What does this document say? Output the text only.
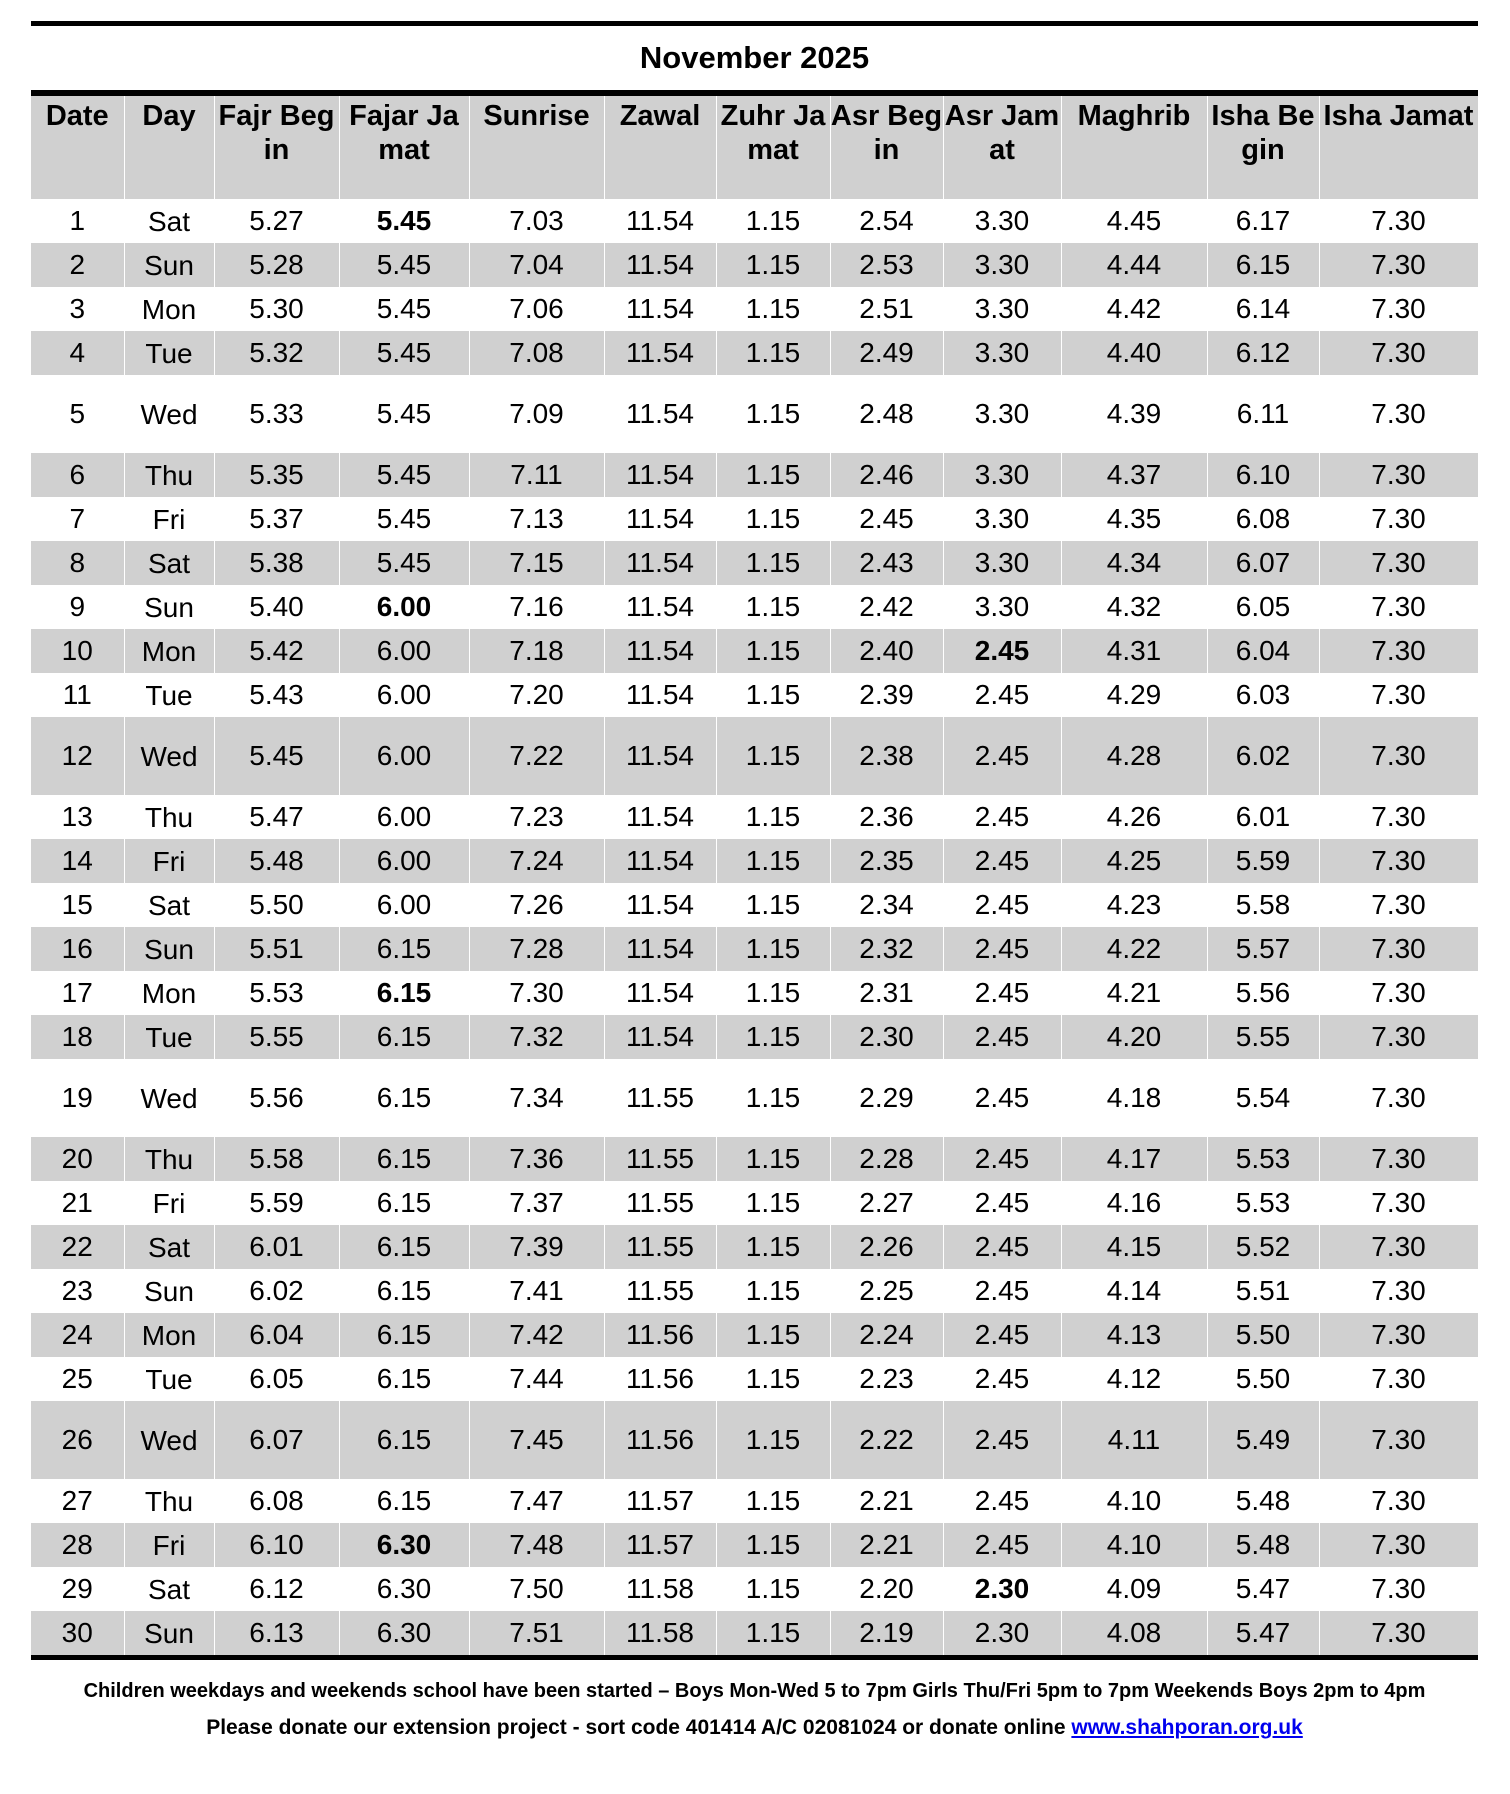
November 2025
Date	Day	Fajr Begin	Fajar Jamat	Sunrise	Zawal	Zuhr Jamat	Asr Begin	Asr Jamat	Maghrib	Isha Begin	Isha Jamat
1	Sat	5.27	5.45	7.03	11.54	1.15	2.54	3.30	4.45	6.17	7.30
2	Sun	5.28	5.45	7.04	11.54	1.15	2.53	3.30	4.44	6.15	7.30
3	Mon	5.30	5.45	7.06	11.54	1.15	2.51	3.30	4.42	6.14	7.30
4	Tue	5.32	5.45	7.08	11.54	1.15	2.49	3.30	4.40	6.12	7.30
5	Wed	5.33	5.45	7.09	11.54	1.15	2.48	3.30	4.39	6.11	7.30
6	Thu	5.35	5.45	7.11	11.54	1.15	2.46	3.30	4.37	6.10	7.30
7	Fri	5.37	5.45	7.13	11.54	1.15	2.45	3.30	4.35	6.08	7.30
8	Sat	5.38	5.45	7.15	11.54	1.15	2.43	3.30	4.34	6.07	7.30
9	Sun	5.40	6.00	7.16	11.54	1.15	2.42	3.30	4.32	6.05	7.30
10	Mon	5.42	6.00	7.18	11.54	1.15	2.40	2.45	4.31	6.04	7.30
11	Tue	5.43	6.00	7.20	11.54	1.15	2.39	2.45	4.29	6.03	7.30
12	Wed	5.45	6.00	7.22	11.54	1.15	2.38	2.45	4.28	6.02	7.30
13	Thu	5.47	6.00	7.23	11.54	1.15	2.36	2.45	4.26	6.01	7.30
14	Fri	5.48	6.00	7.24	11.54	1.15	2.35	2.45	4.25	5.59	7.30
15	Sat	5.50	6.00	7.26	11.54	1.15	2.34	2.45	4.23	5.58	7.30
16	Sun	5.51	6.15	7.28	11.54	1.15	2.32	2.45	4.22	5.57	7.30
17	Mon	5.53	6.15	7.30	11.54	1.15	2.31	2.45	4.21	5.56	7.30
18	Tue	5.55	6.15	7.32	11.54	1.15	2.30	2.45	4.20	5.55	7.30
19	Wed	5.56	6.15	7.34	11.55	1.15	2.29	2.45	4.18	5.54	7.30
20	Thu	5.58	6.15	7.36	11.55	1.15	2.28	2.45	4.17	5.53	7.30
21	Fri	5.59	6.15	7.37	11.55	1.15	2.27	2.45	4.16	5.53	7.30
22	Sat	6.01	6.15	7.39	11.55	1.15	2.26	2.45	4.15	5.52	7.30
23	Sun	6.02	6.15	7.41	11.55	1.15	2.25	2.45	4.14	5.51	7.30
24	Mon	6.04	6.15	7.42	11.56	1.15	2.24	2.45	4.13	5.50	7.30
25	Tue	6.05	6.15	7.44	11.56	1.15	2.23	2.45	4.12	5.50	7.30
26	Wed	6.07	6.15	7.45	11.56	1.15	2.22	2.45	4.11	5.49	7.30
27	Thu	6.08	6.15	7.47	11.57	1.15	2.21	2.45	4.10	5.48	7.30
28	Fri	6.10	6.30	7.48	11.57	1.15	2.21	2.45	4.10	5.48	7.30
29	Sat	6.12	6.30	7.50	11.58	1.15	2.20	2.30	4.09	5.47	7.30
30	Sun	6.13	6.30	7.51	11.58	1.15	2.19	2.30	4.08	5.47	7.30
Children weekdays and weekends school have been started – Boys Mon-Wed 5 to 7pm Girls Thu/Fri 5pm to 7pm Weekends Boys 2pm to 4pm
Please donate our extension project - sort code 401414 A/C 02081024 or donate online www.shahporan.org.uk
